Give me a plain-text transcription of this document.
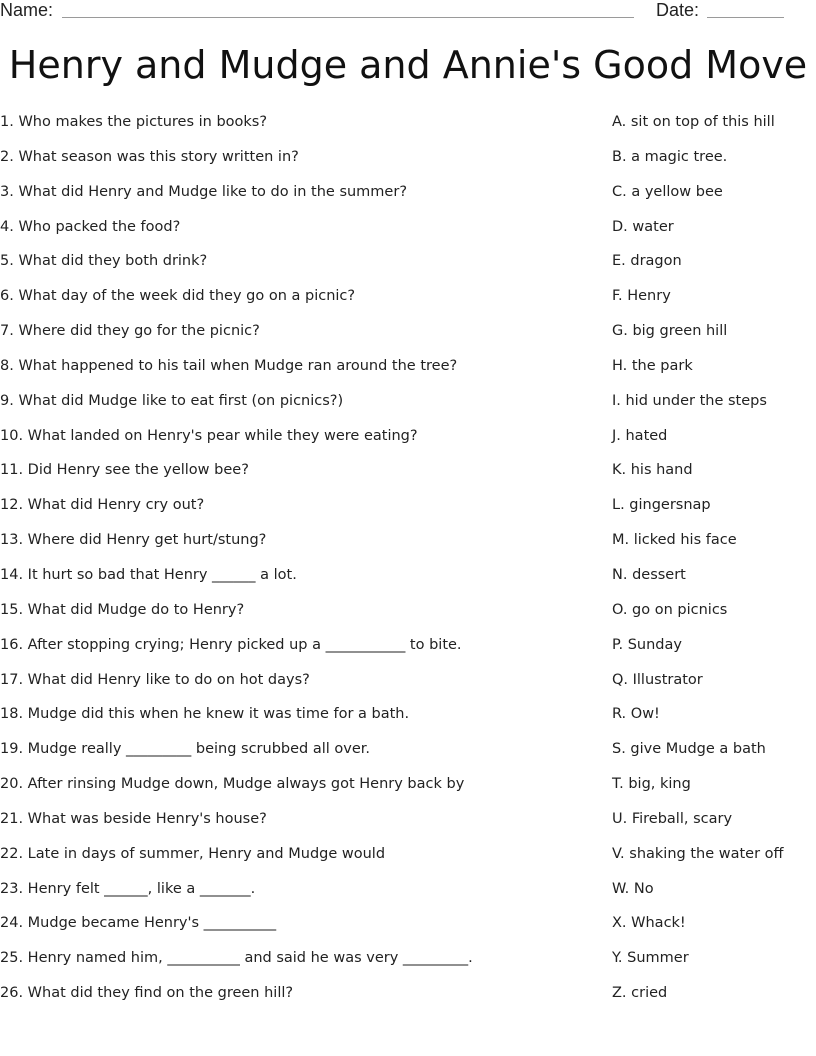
Name:	Date:
Henry and Mudge and Annie's Good Move
1. Who makes the pictures in books?
2. What season was this story written in?
3. What did Henry and Mudge like to do in the summer?
4. Who packed the food?
5. What did they both drink?
6. What day of the week did they go on a picnic?
7. Where did they go for the picnic?
8. What happened to his tail when Mudge ran around the tree?
9. What did Mudge like to eat first (on picnics?)
10. What landed on Henry's pear while they were eating?
11. Did Henry see the yellow bee?
12. What did Henry cry out?
13. Where did Henry get hurt/stung?
14. It hurt so bad that Henry ______ a lot.
15. What did Mudge do to Henry?
16. After stopping crying; Henry picked up a ___________ to bite.
17. What did Henry like to do on hot days?
18. Mudge did this when he knew it was time for a bath.
19. Mudge really _________ being scrubbed all over.
20. After rinsing Mudge down, Mudge always got Henry back by
21. What was beside Henry's house?
22. Late in days of summer, Henry and Mudge would
23. Henry felt ______, like a _______.
24. Mudge became Henry's __________
25. Henry named him, __________ and said he was very _________.
26. What did they find on the green hill?
A. sit on top of this hill
B. a magic tree.
C. a yellow bee
D. water
E. dragon
F. Henry
G. big green hill
H. the park
I. hid under the steps
J. hated
K. his hand
L. gingersnap
M. licked his face
N. dessert
O. go on picnics
P. Sunday
Q. Illustrator
R. Ow!
S. give Mudge a bath
T. big, king
U. Fireball, scary
V. shaking the water off
W. No
X. Whack!
Y. Summer
Z. cried
